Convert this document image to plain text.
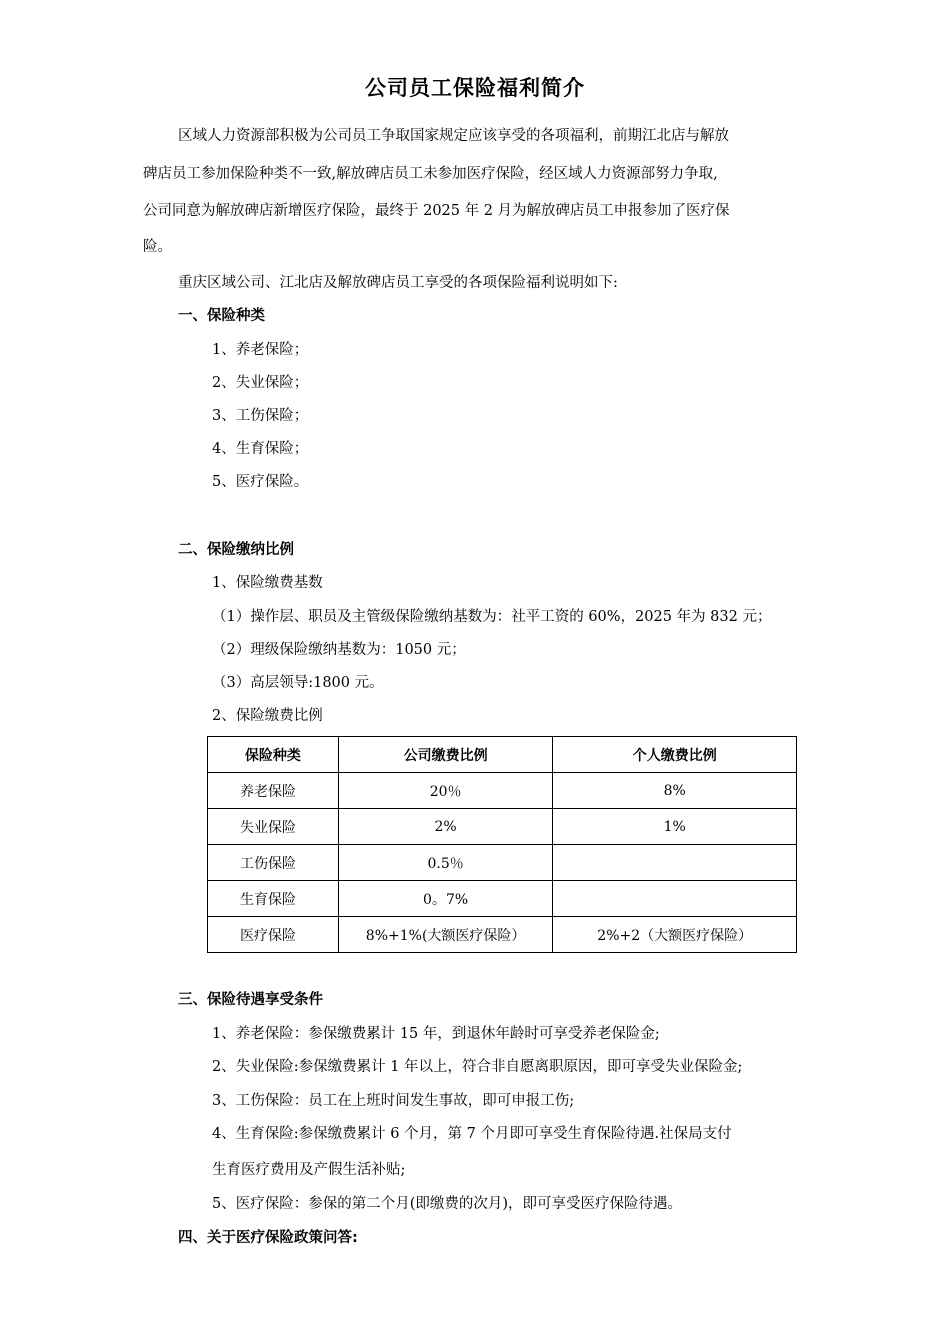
公司员工保险福利简介
区域人力资源部积极为公司员工争取国家规定应该享受的各项福利，前期江北店与解放
碑店员工参加保险种类不一致,解放碑店员工未参加医疗保险，经区域人力资源部努力争取,
公司同意为解放碑店新增医疗保险，最终于 2025 年 2 月为解放碑店员工申报参加了医疗保
险。
重庆区域公司、江北店及解放碑店员工享受的各项保险福利说明如下:
一、保险种类
1、养老保险；
2、失业保险；
3、工伤保险；
4、生育保险；
5、医疗保险。
二、保险缴纳比例
1、保险缴费基数
（1）操作层、职员及主管级保险缴纳基数为：社平工资的 60%，2025 年为 832 元；
（2）理级保险缴纳基数为：1050 元；
（3）高层领导:1800 元。
2、保险缴费比例
保险种类	公司缴费比例	个人缴费比例
养老保险	20％	8%
失业保险	2%	1%
工伤保险	0.5％	
生育保险	0。7%	
医疗保险	8%+1%(大额医疗保险）	2%+2（大额医疗保险）
三、保险待遇享受条件
1、养老保险：参保缴费累计 15 年，到退休年龄时可享受养老保险金;
2、失业保险:参保缴费累计 1 年以上，符合非自愿离职原因，即可享受失业保险金;
3、工伤保险：员工在上班时间发生事故，即可申报工伤;
4、生育保险:参保缴费累计 6 个月，第 7 个月即可享受生育保险待遇.社保局支付
生育医疗费用及产假生活补贴;
5、医疗保险：参保的第二个月(即缴费的次月)，即可享受医疗保险待遇。
四、关于医疗保险政策问答:
